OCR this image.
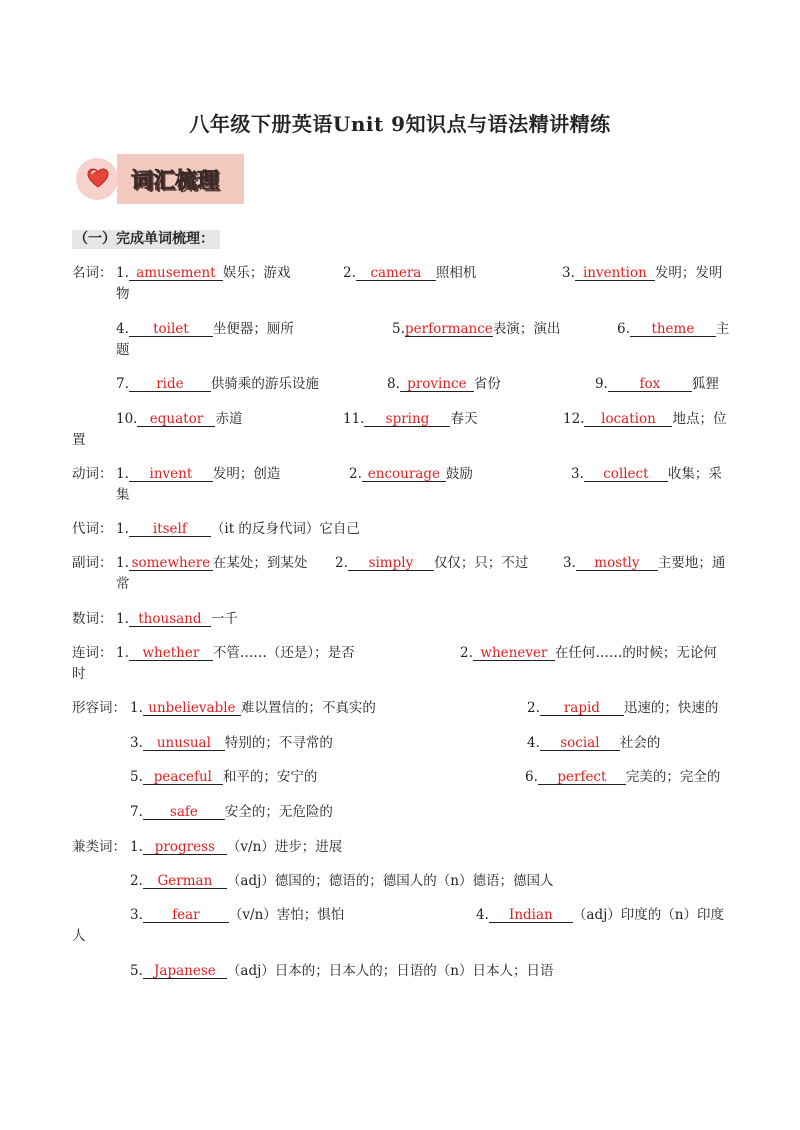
八年级下册英语Unit 9知识点与语法精讲精练
词汇梳理
（一）完成单词梳理：
名词： 1. amusement 娱乐；游戏	2. camera 照相机	3. invention 发明；发明
物
4. toilet 坐便器；厕所	5.performance表演；演出	6. theme 主
题
7. ride 供骑乘的游乐设施	8. province 省份	9. fox 狐狸
10. equator 赤道	11. spring 春天	12. location 地点；位
置
动词： 1. invent 发明；创造	2. encourage 鼓励	3. collect 收集；采
集
代词： 1. itself （it 的反身代词）它自己
副词： 1. somewhere 在某处；到某处 2. simply 仅仅；只；不过	3. mostly 主要地；通
常
数词： 1. thousand 一千
连词： 1. whether 不管……（还是）；是否	2. whenever 在任何……的时候；无论何
时
形容词： 1. unbelievable 难以置信的；不真实的	2. rapid 迅速的；快速的
3. unusual 特别的；不寻常的	4. social 社会的
5. peaceful 和平的；安宁的	6. perfect 完美的；完全的
7. safe 安全的；无危险的
兼类词： 1. progress （v/n）进步；进展
2. German （adj）德国的；德语的；德国人的（n）德语；德国人
3. fear （v/n）害怕；惧怕	4. Indian （adj）印度的（n）印度
人
5. Japanese （adj）日本的；日本人的；日语的（n）日本人；日语
